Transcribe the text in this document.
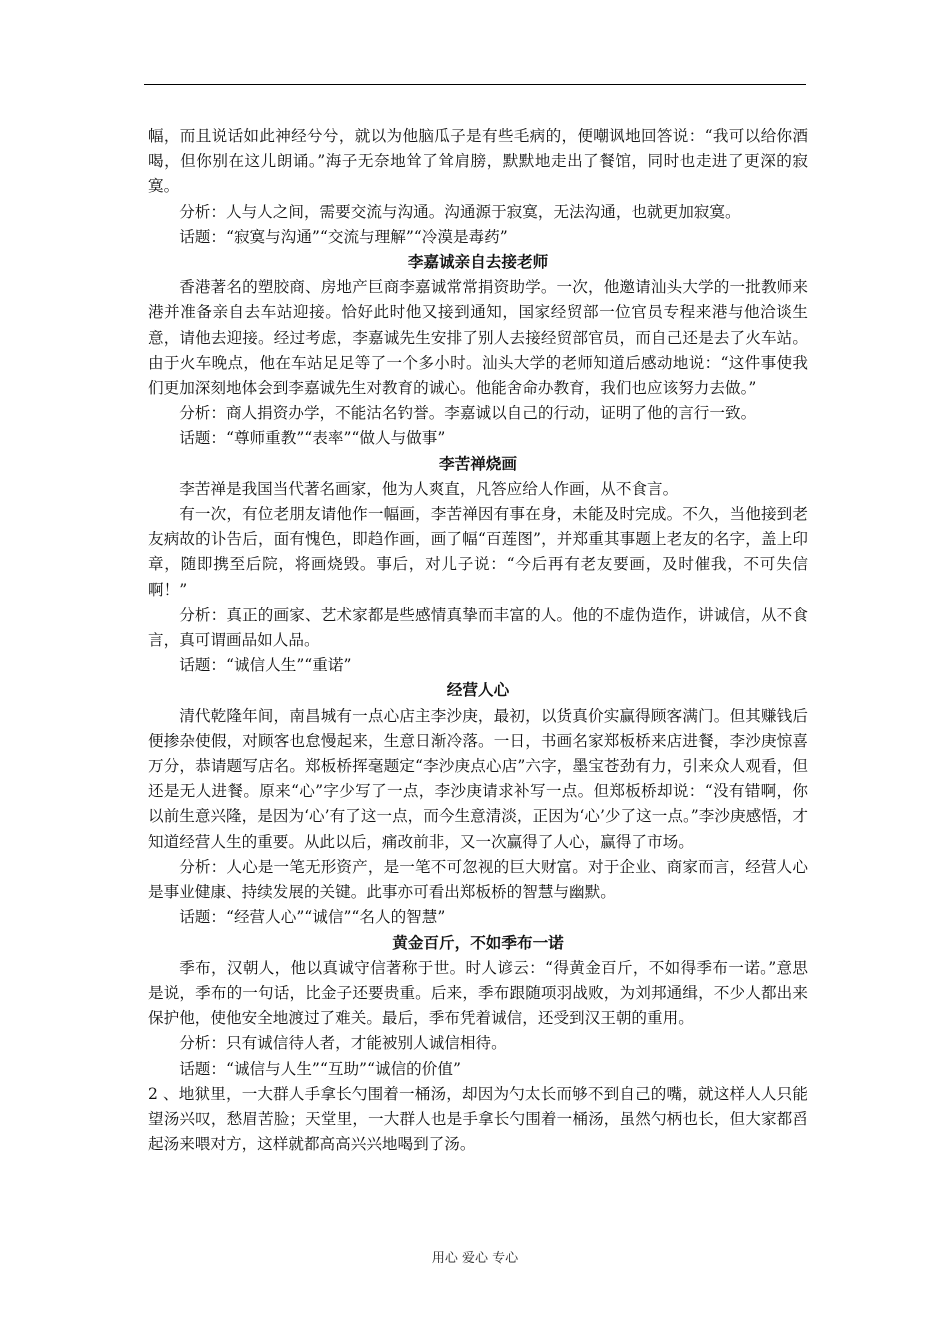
幅，而且说话如此神经兮兮，就以为他脑瓜子是有些毛病的，便嘲讽地回答说：“我可以给你酒喝，但你别在这儿朗诵。”海子无奈地耸了耸肩膀，默默地走出了餐馆，同时也走进了更深的寂寞。

分析：人与人之间，需要交流与沟通。沟通源于寂寞，无法沟通，也就更加寂寞。

话题：“寂寞与沟通”“交流与理解”“冷漠是毒药”

李嘉诚亲自去接老师

香港著名的塑胶商、房地产巨商李嘉诚常常捐资助学。一次，他邀请汕头大学的一批教师来港并准备亲自去车站迎接。恰好此时他又接到通知，国家经贸部一位官员专程来港与他洽谈生意，请他去迎接。经过考虑，李嘉诚先生安排了别人去接经贸部官员，而自己还是去了火车站。由于火车晚点，他在车站足足等了一个多小时。汕头大学的老师知道后感动地说：“这件事使我们更加深刻地体会到李嘉诚先生对教育的诚心。他能舍命办教育，我们也应该努力去做。”

分析：商人捐资办学，不能沽名钓誉。李嘉诚以自己的行动，证明了他的言行一致。

话题：“尊师重教”“表率”“做人与做事”

李苦禅烧画

李苦禅是我国当代著名画家，他为人爽直，凡答应给人作画，从不食言。

有一次，有位老朋友请他作一幅画，李苦禅因有事在身，未能及时完成。不久，当他接到老友病故的讣告后，面有愧色，即趋作画，画了幅“百莲图”，并郑重其事题上老友的名字，盖上印章，随即携至后院，将画烧毁。事后，对儿子说：“今后再有老友要画，及时催我，不可失信啊！”

分析：真正的画家、艺术家都是些感情真挚而丰富的人。他的不虚伪造作，讲诚信，从不食言，真可谓画品如人品。

话题：“诚信人生”“重诺”

经营人心

清代乾隆年间，南昌城有一点心店主李沙庚，最初，以货真价实赢得顾客满门。但其赚钱后便掺杂使假，对顾客也怠慢起来，生意日渐冷落。一日，书画名家郑板桥来店进餐，李沙庚惊喜万分，恭请题写店名。郑板桥挥毫题定“李沙庚点心店”六字，墨宝苍劲有力，引来众人观看，但还是无人进餐。原来“心”字少写了一点，李沙庚请求补写一点。但郑板桥却说：“没有错啊，你以前生意兴隆，是因为‘心’有了这一点，而今生意清淡，正因为‘心’少了这一点。”李沙庚感悟，才知道经营人生的重要。从此以后，痛改前非，又一次赢得了人心，赢得了市场。

分析：人心是一笔无形资产，是一笔不可忽视的巨大财富。对于企业、商家而言，经营人心是事业健康、持续发展的关键。此事亦可看出郑板桥的智慧与幽默。

话题：“经营人心”“诚信”“名人的智慧”

黄金百斤，不如季布一诺

季布，汉朝人，他以真诚守信著称于世。时人谚云：“得黄金百斤，不如得季布一诺。”意思是说，季布的一句话，比金子还要贵重。后来，季布跟随项羽战败，为刘邦通缉，不少人都出来保护他，使他安全地渡过了难关。最后，季布凭着诚信，还受到汉王朝的重用。

分析：只有诚信待人者，才能被别人诚信相待。

话题：“诚信与人生”“互助”“诚信的价值”

2 、地狱里，一大群人手拿长勺围着一桶汤，却因为勺太长而够不到自己的嘴，就这样人人只能望汤兴叹，愁眉苦脸；天堂里，一大群人也是手拿长勺围着一桶汤，虽然勺柄也长，但大家都舀起汤来喂对方，这样就都高高兴兴地喝到了汤。

用心 爱心 专心
